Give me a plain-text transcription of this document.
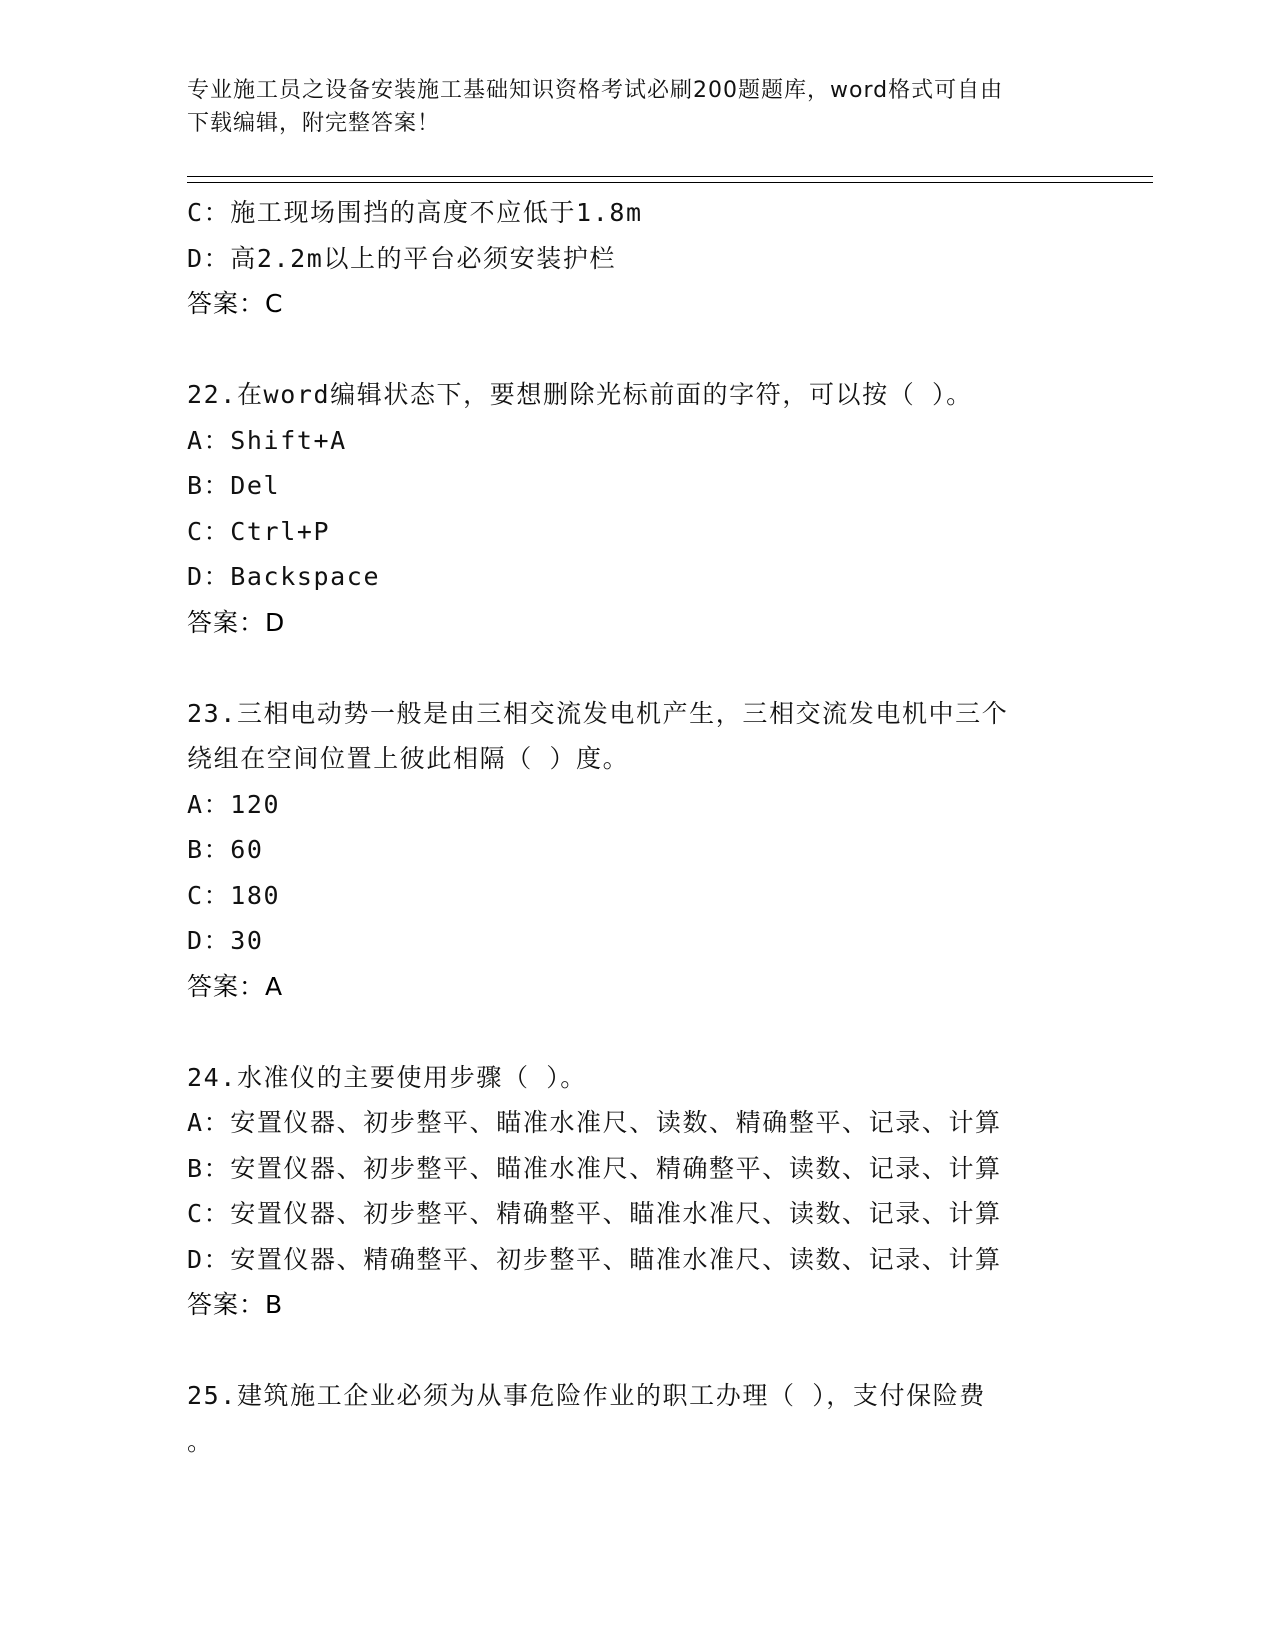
专业施工员之设备安装施工基础知识资格考试必刷200题题库，word格式可自由
下载编辑，附完整答案！
C：施工现场围挡的高度不应低于1.8m
D：高2.2m以上的平台必须安装护栏
答案：C
22.在word编辑状态下，要想删除光标前面的字符，可以按（ ）。
A：Shift+A
B：Del
C：Ctrl+P
D：Backspace
答案：D
23.三相电动势一般是由三相交流发电机产生，三相交流发电机中三个
绕组在空间位置上彼此相隔（ ）度。
A：120
B：60
C：180
D：30
答案：A
24.水准仪的主要使用步骤（ ）。
A：安置仪器、初步整平、瞄准水准尺、读数、精确整平、记录、计算
B：安置仪器、初步整平、瞄准水准尺、精确整平、读数、记录、计算
C：安置仪器、初步整平、精确整平、瞄准水准尺、读数、记录、计算
D：安置仪器、精确整平、初步整平、瞄准水准尺、读数、记录、计算
答案：B
25.建筑施工企业必须为从事危险作业的职工办理（ ），支付保险费
。
